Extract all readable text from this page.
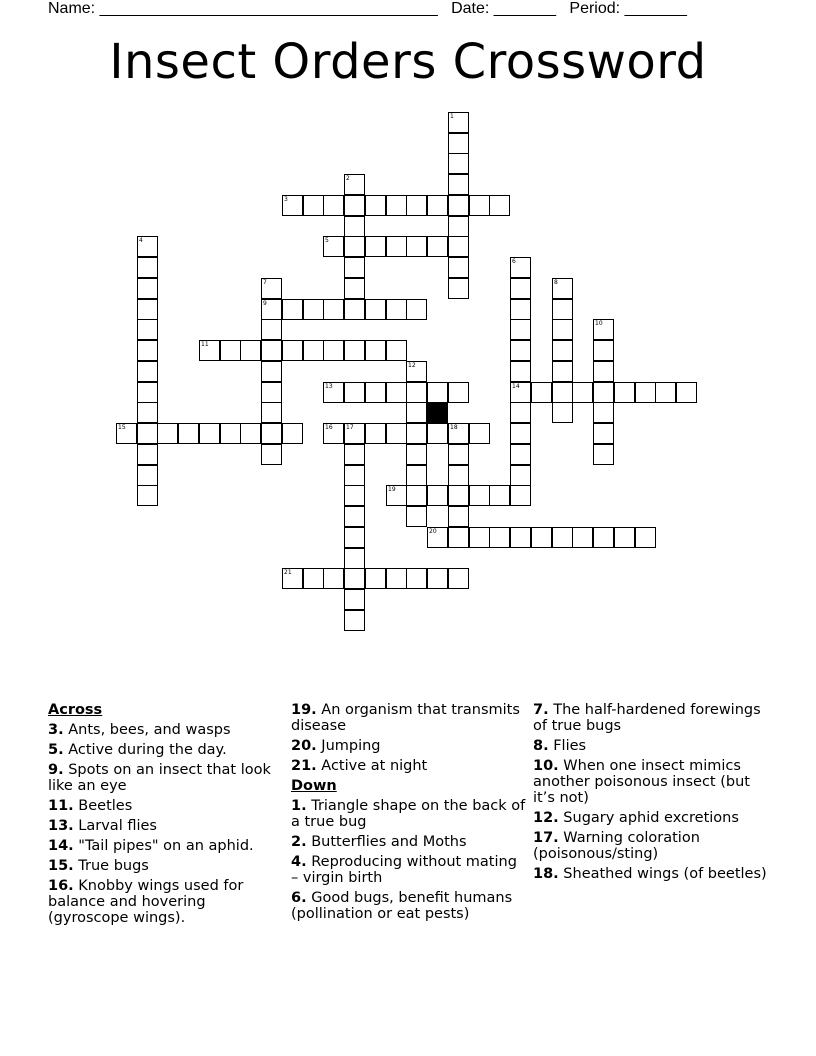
Name: ______________________________________ Date: _______ Period: _______
Insect Orders Crossword
1
2
3
4	5
6
14
7
9
8
10
11
12
13
15	16 17	18
19
20
21
Across
3. Ants, bees, and wasps
5. Active during the day.
9. Spots on an insect that look like an eye
11. Beetles
13. Larval flies
14. "Tail pipes" on an aphid.
15. True bugs
16. Knobby wings used for balance and hovering (gyroscope wings).
19. An organism that transmits disease
20. Jumping
21. Active at night
Down
1. Triangle shape on the back of a true bug
2. Butterflies and Moths
4. Reproducing without mating – virgin birth
6. Good bugs, benefit humans (pollination or eat pests)
7. The half-hardened forewings of true bugs
8. Flies
10. When one insect mimics another poisonous insect (but it’s not)
12. Sugary aphid excretions
17. Warning coloration (poisonous/sting)
18. Sheathed wings (of beetles)
